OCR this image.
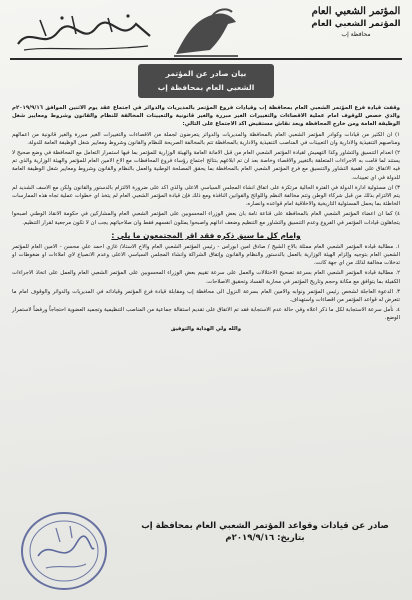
المؤتمر الشعبي العام
المؤتمر الشعبي العام
محافظة إب
بيان صادر عن المؤتمر
الشعبي العام بمحافظة إب

وقفت قيادة فرع المؤتمر الشعبي العام بمحافظة إب وقيادات فروع المؤتمر بالمديريات والدوائر في اجتماع عقد يوم الاثنين الموافق ٢٠١٩/٩/١٦م والذي خصص للوقوف امام عملية الاقصاءات والتغييرات الغير مبررة والغير قانونية والتعيينات المخالفة للنظام والقانون وشروط ومعايير شغل الوظيفة العامة ومن خارج المحافظة وبعد نقاش مستفيض اكد الاجتماع على التالي:

١) ان الكثير من قيادات وكوادر المؤتمر الشعبي العام بالمحافظة والمديريات والدوائر يتعرضون لجملة من الاقصاءات والتغييرات الغير مبررة والغير قانونية من اعمالهم ومناصبهم التنفيذية والادارية وان التعيينات في المناصب التنفيذية والادارية بالمحافظة تتم بالمخالفة الصريحة للنظام والقانون وشروط ومعايير شغل الوظيفة العامة للدولة.

٢) انعدام التنسيق والتشاور وكذا التهميش لقيادة المؤتمر الشعبي العام من قبل الامانة العامة والهيئة الوزارية للمؤتمر بما فيها استمرار التعامل مع المحافظة في وضع صحيح لا يستند لما قامت به الاجراءات المتعلقة بالتغيير والاقصاء وخاصة بعد ان تم ابلاغهم بنتائج اجتماع رؤساء فروع المحافظات مع الاخ الامين العام للمؤتمر والهيئة الوزارية والذي تم فيه الاتفاق على اهمية التشاور والتنسيق مع فرع المؤتمر الشعبي العام بالمحافظة بما يحقق المصلحة الوطنية والعمل بالنظام والقانون وشروط ومعايير شغل الوظيفة العامة للدولة في اي تعيينات.

٣) ان مسئولية ادارة الدولة في الفترة الحالية مرتكزة على اتفاق انشاء المجلس السياسي الاعلى والذي اكد على ضرورة الالتزام بالدستور والقانون ولكن مع الاسف الشديد لم يتم الالتزام بذلك من قبل شركاء الوطن وتتم مخالفة النظم واللوائح والقوانين النافذة ومع ذلك فإن قيادة المؤتمر الشعبي العام لم يتخذ اي خطوات عملية تجاه هذه الممارسات الخاطئة بما يحمل المسئولية التاريخية والاخلاقية امام قواعده وانصاره.

٤) كما ان اعضاء المؤتمر الشعبي العام بالمحافظة على قناعة تامة بان بعض الوزراء المحسوبين على المؤتمر الشعبي العام والمشاركين في حكومة الانقاذ الوطني اصبحوا يتجاهلون قيادات المؤتمر في الفروع وعدم التنسيق والتشاور مع التنظيم وضعف ادائهم واصبحوا يمثلون انفسهم فقط وان صلاحياتهم يجب ان لا تكون مرجعية لقرار التنظيم.

وامام كل ما سبق ذكره فقد اقر المجتمعون ما يلي :

١. مطالبة قيادة المؤتمر الشعبي العام ممثلة بالاخ الشيخ / صادق امين ابوراس - رئيس المؤتمر الشعبي العام والاخ الاستاذ/ غازي احمد علي محسن - الامين العام للمؤتمر الشعبي العام بتوجيه وإلزام الهيئة الوزارية بالعمل بالدستور والنظام والقانون وإتفاق الشراكة وانشاء المجلس السياسي الاعلى وعدم الانصياع لاي املاءات او ضغوطات او تدخلات مخالفة لذلك من اي جهة كانت.

٢. مطالبة قيادة المؤتمر الشعبي العام بسرعة تصحيح الاختلالات والعمل على سرعة تقييم بعض الوزراء المحسوبين على المؤتمر الشعبي العام والعمل على اتخاذ الاجراءات الكفيلة بما يتوافق مع مكانة وحجم وتاريخ المؤتمر في محاربة الفساد وتحقيق الاصلاحات.

٣. الدعوة العاجلة لشخص رئيس المؤتمر ونوابه والامين العام بسرعة النزول الى محافظة إب ومقابلة قيادة فرع المؤتمر وقياداته في المديريات والدوائر والوقوف امام ما تتعرض له قواعد المؤتمر من اقصاءات واستهداف.

٤. نأمل سرعة الاستجابة لكل ما ذكر اعلاه وفي حالة عدم الاستجابة فقد تم الاتفاق على تقديم استقالة جماعية من المناصب التنظيمية وتجميد العضوية احتجاجاً ورفضاً لاستمرار الوضع.

والله ولي الهداية والتوفيق

صادر عن قيادات وقواعد المؤتمر الشعبي العام بمحافظة إب
بتاريخ: ٢٠١٩/٩/١٦م
